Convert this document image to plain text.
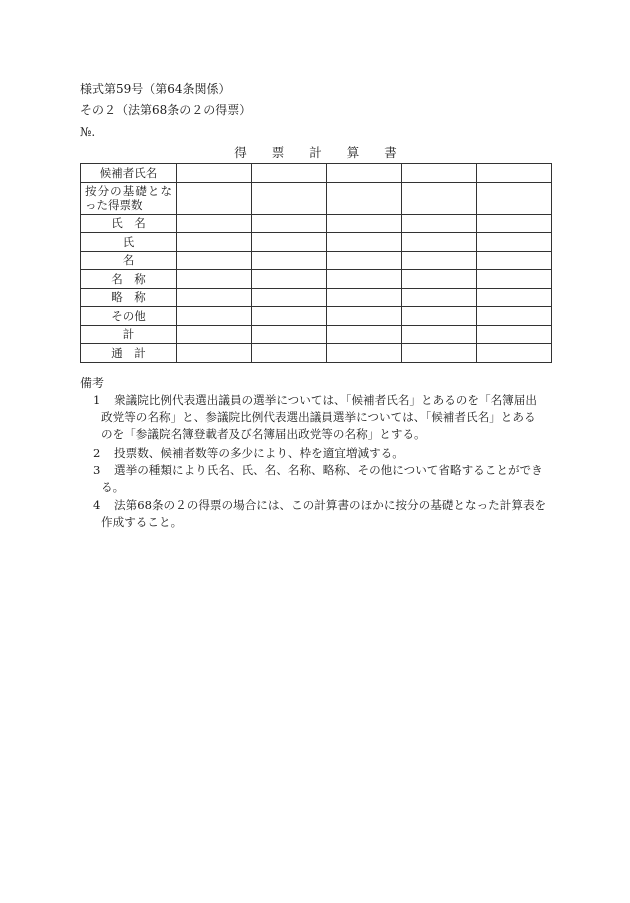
様式第59号（第64条関係）
その２（法第68条の２の得票）
№.
得　　票　　計　　算　　書
候補者氏名					

按分の基礎となった得票数					

氏　名					
氏					
名					
名　称					
略　称					
その他					
計					
通　計					
備考
1	衆議院比例代表選出議員の選挙については、「候補者氏名」とあるのを「名簿届出
政党等の名称」と、参議院比例代表選出議員選挙については、「候補者氏名」とある
のを「参議院名簿登載者及び名簿届出政党等の名称」とする。
2	投票数、候補者数等の多少により、枠を適宜増減する。
3	選挙の種類により氏名、氏、名、名称、略称、その他について省略することができ
る。
4	法第68条の２の得票の場合には、この計算書のほかに按分の基礎となった計算表を
作成すること。
